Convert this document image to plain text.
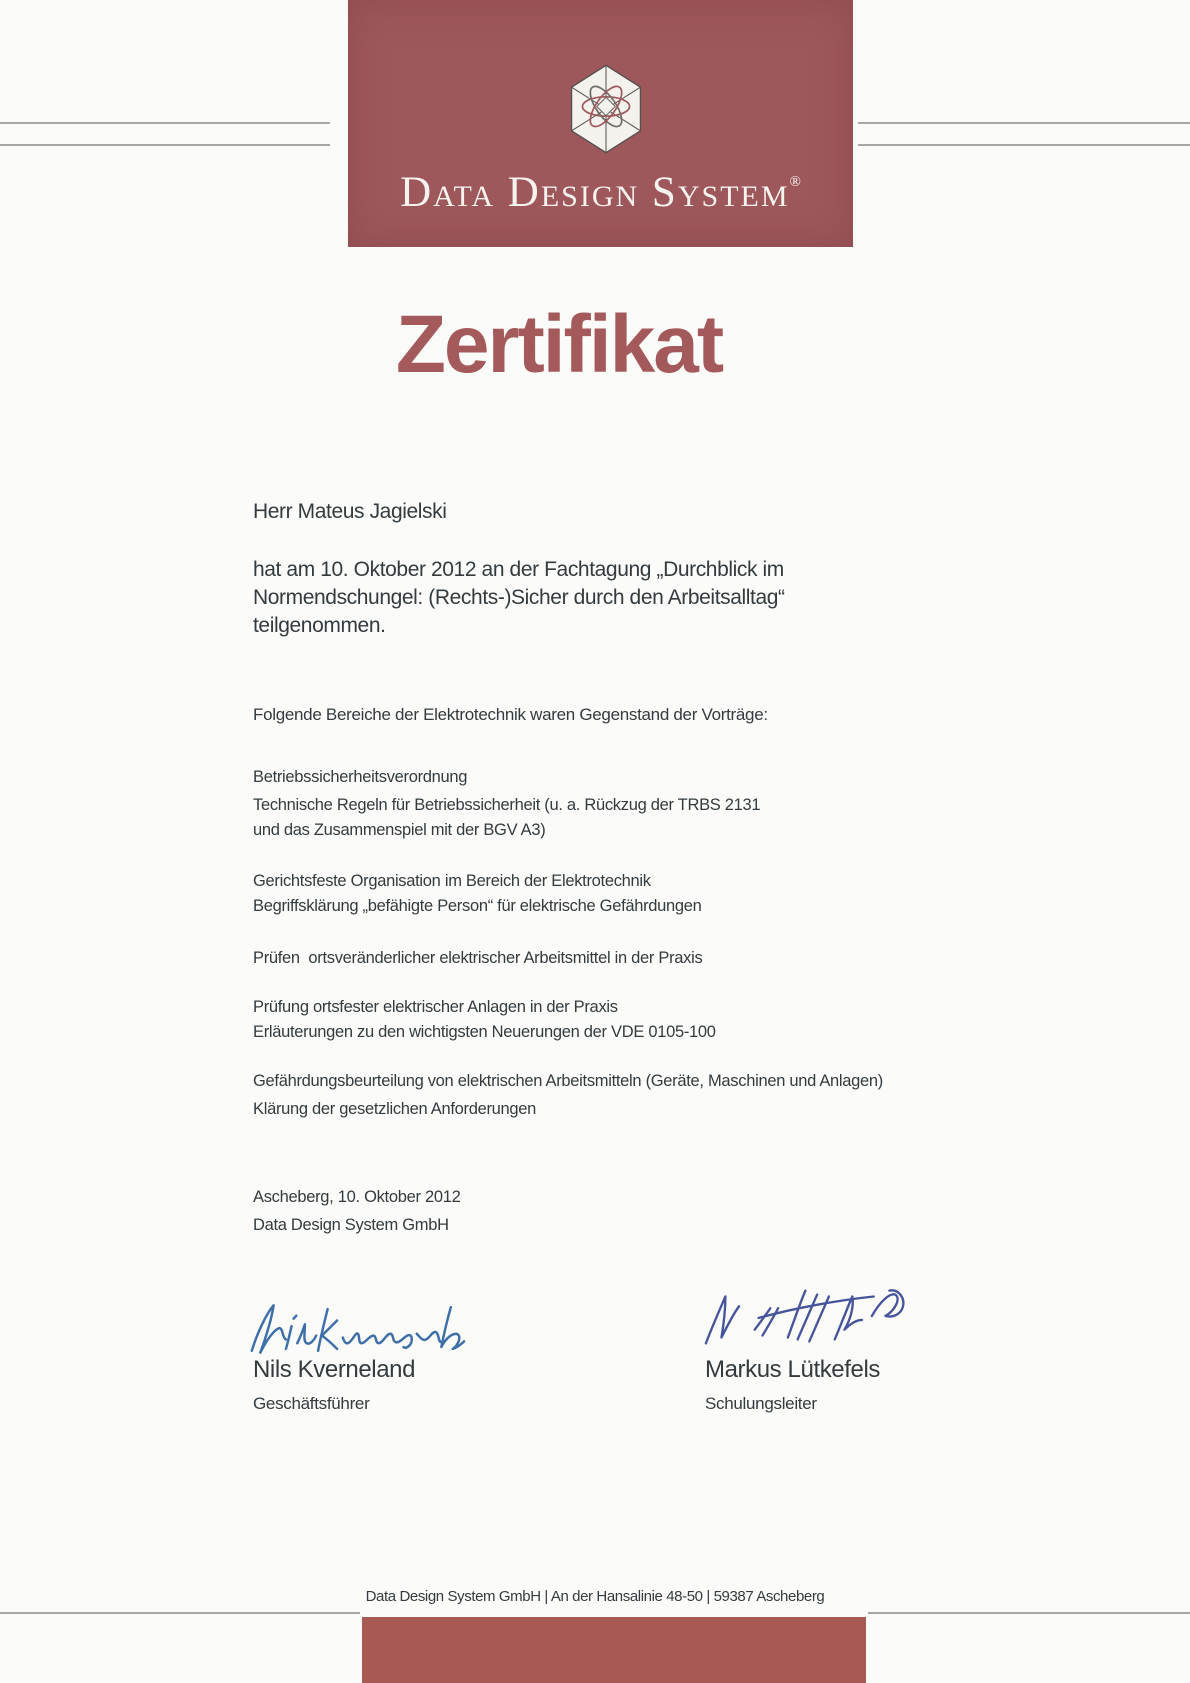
Data Design System®
Zertifikat
Herr Mateus Jagielski
hat am 10. Oktober 2012 an der Fachtagung „Durchblick im
Normendschungel: (Rechts-)Sicher durch den Arbeitsalltag“
teilgenommen.
Folgende Bereiche der Elektrotechnik waren Gegenstand der Vorträge:
Betriebssicherheitsverordnung
Technische Regeln für Betriebssicherheit (u. a. Rückzug der TRBS 2131
und das Zusammenspiel mit der BGV A3)
Gerichtsfeste Organisation im Bereich der Elektrotechnik
Begriffsklärung „befähigte Person“ für elektrische Gefährdungen
Prüfen  ortsveränderlicher elektrischer Arbeitsmittel in der Praxis
Prüfung ortsfester elektrischer Anlagen in der Praxis
Erläuterungen zu den wichtigsten Neuerungen der VDE 0105-100
Gefährdungsbeurteilung von elektrischen Arbeitsmitteln (Geräte, Maschinen und Anlagen)
Klärung der gesetzlichen Anforderungen
Ascheberg, 10. Oktober 2012
Data Design System GmbH
Nils Kverneland
Geschäftsführer
Markus Lütkefels
Schulungsleiter
Data Design System GmbH | An der Hansalinie 48-50 | 59387 Ascheberg
